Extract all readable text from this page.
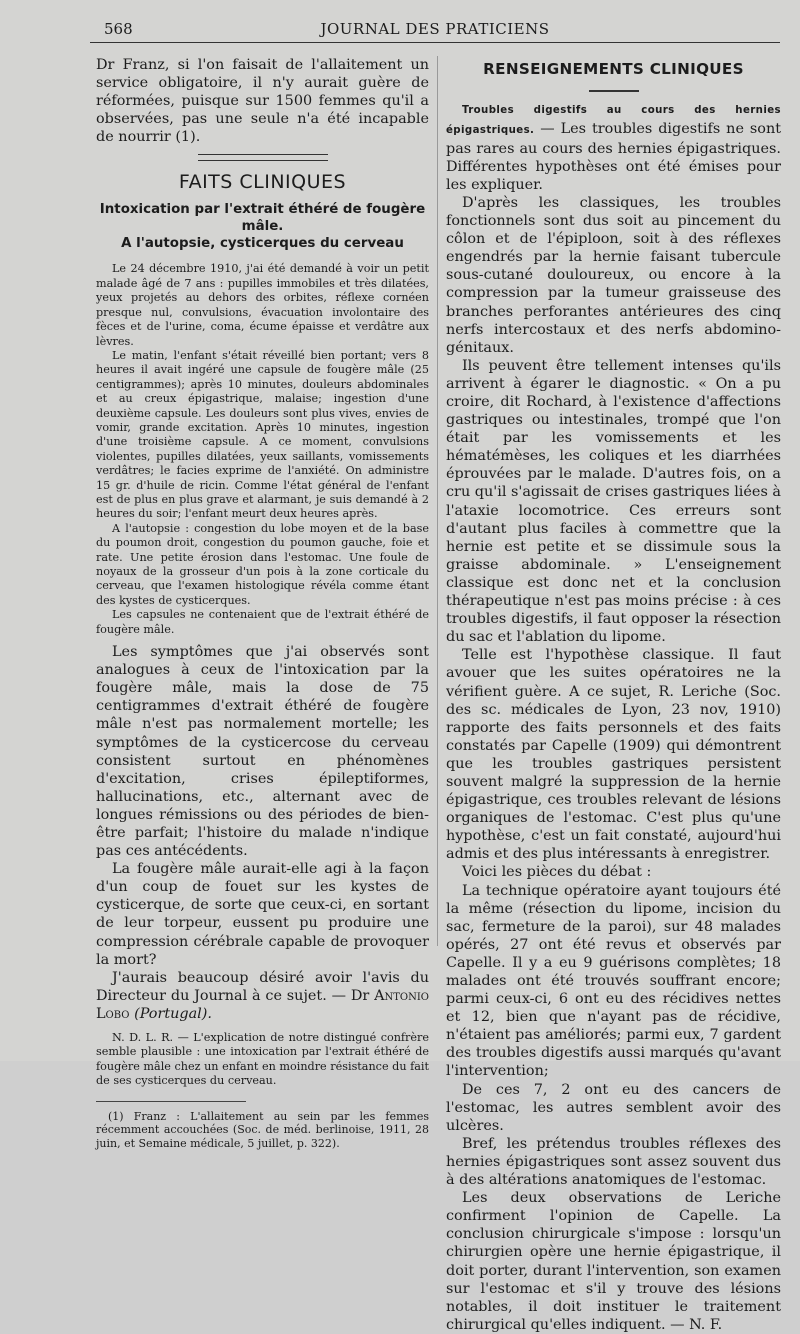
568	JOURNAL DES PRATICIENS

Dr Franz, si l'on faisait de l'allaitement un service obligatoire, il n'y aurait guère de réformées, puisque sur 1500 femmes qu'il a observées, pas une seule n'a été incapable de nourrir (1).

FAITS CLINIQUES
Intoxication par l'extrait éthéré de fougère mâle.
A l'autopsie, cysticerques du cerveau

Le 24 décembre 1910, j'ai été demandé à voir un petit malade âgé de 7 ans : pupilles immobiles et très dilatées, yeux projetés au dehors des orbites, réflexe cornéen presque nul, convulsions, évacuation involontaire des fèces et de l'urine, coma, écume épaisse et verdâtre aux lèvres.

Le matin, l'enfant s'était réveillé bien portant; vers 8 heures il avait ingéré une capsule de fougère mâle (25 centigrammes); après 10 minutes, douleurs abdominales et au creux épigastrique, malaise; ingestion d'une deuxième capsule. Les douleurs sont plus vives, envies de vomir, grande excitation. Après 10 minutes, ingestion d'une troisième capsule. A ce moment, convulsions violentes, pupilles dilatées, yeux saillants, vomissements verdâtres; le facies exprime de l'anxiété. On administre 15 gr. d'huile de ricin. Comme l'état général de l'enfant est de plus en plus grave et alarmant, je suis demandé à 2 heures du soir; l'enfant meurt deux heures après.

A l'autopsie : congestion du lobe moyen et de la base du poumon droit, congestion du poumon gauche, foie et rate. Une petite érosion dans l'estomac. Une foule de noyaux de la grosseur d'un pois à la zone corticale du cerveau, que l'examen histologique révéla comme étant des kystes de cysticerques.

Les capsules ne contenaient que de l'extrait éthéré de fougère mâle.

Les symptômes que j'ai observés sont analogues à ceux de l'intoxication par la fougère mâle, mais la dose de 75 centigrammes d'extrait éthéré de fougère mâle n'est pas normalement mortelle; les symptômes de la cysticercose du cerveau consistent surtout en phénomènes d'excitation, crises épileptiformes, hallucinations, etc., alternant avec de longues rémissions ou des périodes de bien-être parfait; l'histoire du malade n'indique pas ces antécédents.

La fougère mâle aurait-elle agi à la façon d'un coup de fouet sur les kystes de cysticerque, de sorte que ceux-ci, en sortant de leur torpeur, eussent pu produire une compression cérébrale capable de provoquer la mort?

J'aurais beaucoup désiré avoir l'avis du Directeur du Journal à ce sujet. — Dr Antonio Lobo (Portugal).

N. D. L. R. — L'explication de notre distingué confrère semble plausible : une intoxication par l'extrait éthéré de fougère mâle chez un enfant en moindre résistance du fait de ses cysticerques du cerveau.

(1) Franz : L'allaitement au sein par les femmes récemment accouchées (Soc. de méd. berlinoise, 1911, 28 juin, et Semaine médicale, 5 juillet, p. 322).

RENSEIGNEMENTS CLINIQUES

Troubles digestifs au cours des hernies épigastriques. — Les troubles digestifs ne sont pas rares au cours des hernies épigastriques. Différentes hypothèses ont été émises pour les expliquer.

D'après les classiques, les troubles fonctionnels sont dus soit au pincement du côlon et de l'épiploon, soit à des réflexes engendrés par la hernie faisant tubercule sous-cutané douloureux, ou encore à la compression par la tumeur graisseuse des branches perforantes antérieures des cinq nerfs intercostaux et des nerfs abdomino-génitaux.

Ils peuvent être tellement intenses qu'ils arrivent à égarer le diagnostic. « On a pu croire, dit Rochard, à l'existence d'affections gastriques ou intestinales, trompé que l'on était par les vomissements et les hématémèses, les coliques et les diarrhées éprouvées par le malade. D'autres fois, on a cru qu'il s'agissait de crises gastriques liées à l'ataxie locomotrice. Ces erreurs sont d'autant plus faciles à commettre que la hernie est petite et se dissimule sous la graisse abdominale. » L'enseignement classique est donc net et la conclusion thérapeutique n'est pas moins précise : à ces troubles digestifs, il faut opposer la résection du sac et l'ablation du lipome.

Telle est l'hypothèse classique. Il faut avouer que les suites opératoires ne la vérifient guère. A ce sujet, R. Leriche (Soc. des sc. médicales de Lyon, 23 nov, 1910) rapporte des faits personnels et des faits constatés par Capelle (1909) qui démontrent que les troubles gastriques persistent souvent malgré la suppression de la hernie épigastrique, ces troubles relevant de lésions organiques de l'estomac. C'est plus qu'une hypothèse, c'est un fait constaté, aujourd'hui admis et des plus intéressants à enregistrer.

Voici les pièces du débat :

La technique opératoire ayant toujours été la même (résection du lipome, incision du sac, fermeture de la paroi), sur 48 malades opérés, 27 ont été revus et observés par Capelle. Il y a eu 9 guérisons complètes; 18 malades ont été trouvés souffrant encore; parmi ceux-ci, 6 ont eu des récidives nettes et 12, bien que n'ayant pas de récidive, n'étaient pas améliorés; parmi eux, 7 gardent des troubles digestifs aussi marqués qu'avant l'intervention;

De ces 7, 2 ont eu des cancers de l'estomac, les autres semblent avoir des ulcères.

Bref, les prétendus troubles réflexes des hernies épigastriques sont assez souvent dus à des altérations anatomiques de l'estomac.

Les deux observations de Leriche confirment l'opinion de Capelle. La conclusion chirurgicale s'impose : lorsqu'un chirurgien opère une hernie épigastrique, il doit porter, durant l'intervention, son examen sur l'estomac et s'il y trouve des lésions notables, il doit instituer le traitement chirurgical qu'elles indiquent. — N. F.
